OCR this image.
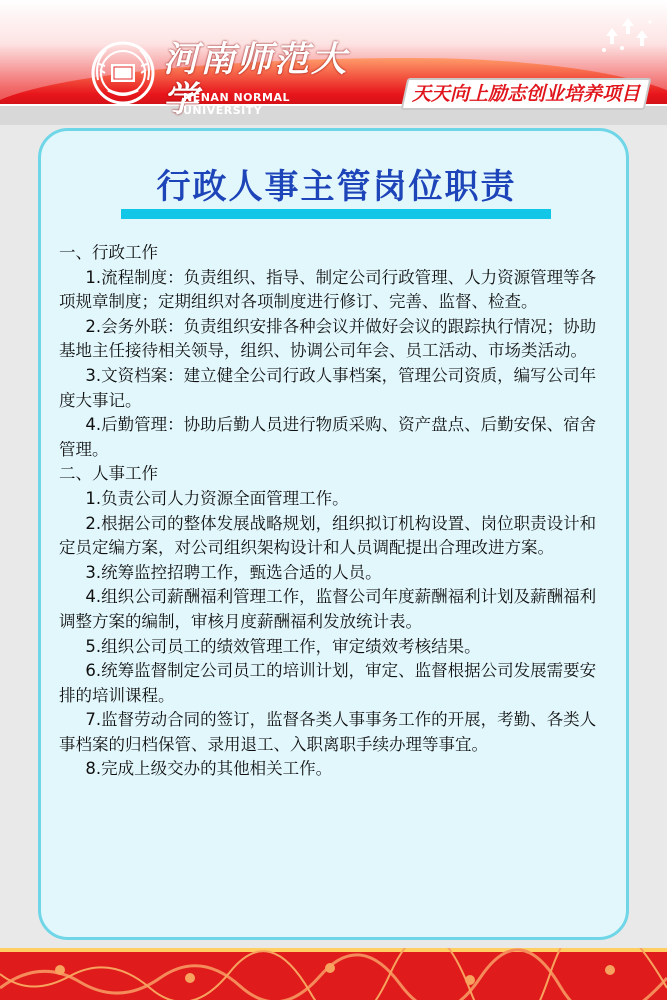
河南师范大学
NENAN NORMAL UNIVERSITY
天天向上励志创业培养项目
行政人事主管岗位职责

一、行政工作

1.流程制度：负责组织、指导、制定公司行政管理、人力资源管理等各项规章制度；定期组织对各项制度进行修订、完善、监督、检查。

2.会务外联：负责组织安排各种会议并做好会议的跟踪执行情况；协助基地主任接待相关领导，组织、协调公司年会、员工活动、市场类活动。

3.文资档案：建立健全公司行政人事档案，管理公司资质，编写公司年度大事记。

4.后勤管理：协助后勤人员进行物质采购、资产盘点、后勤安保、宿舍管理。

二、人事工作

1.负责公司人力资源全面管理工作。

2.根据公司的整体发展战略规划，组织拟订机构设置、岗位职责设计和定员定编方案，对公司组织架构设计和人员调配提出合理改进方案。

3.统筹监控招聘工作，甄选合适的人员。

4.组织公司薪酬福利管理工作，监督公司年度薪酬福利计划及薪酬福利调整方案的编制，审核月度薪酬福利发放统计表。

5.组织公司员工的绩效管理工作，审定绩效考核结果。

6.统筹监督制定公司员工的培训计划，审定、监督根据公司发展需要安排的培训课程。

7.监督劳动合同的签订，监督各类人事事务工作的开展，考勤、各类人事档案的归档保管、录用退工、入职离职手续办理等事宜。

8.完成上级交办的其他相关工作。
